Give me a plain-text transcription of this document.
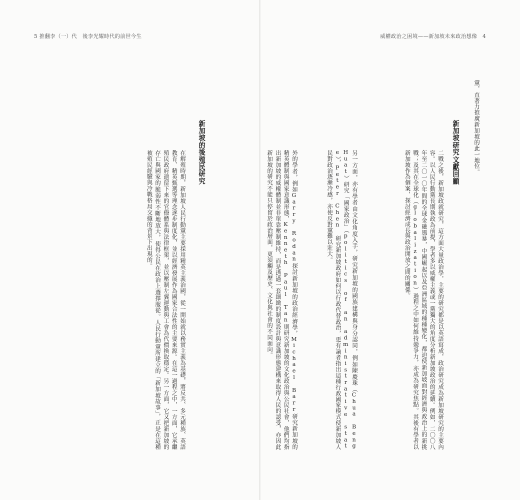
5 推翻李（一）代　後李光耀時代的前世今生
新加坡的後殖民研究
在解殖時期，新加坡人民行動黨主要採用精英主義治國，從一開始就以務實主義為基礎，將反共、多元種族、英語教育、精英甄選等理念逐步制度化，並以經濟發展作為國家合法性的主要來源。在這一過程之中，一方面，它承繼殖民政府遺留下來的官僚體系與法律框架，並以壓制左翼運動與工會為代價換取穩定。另一方面，它又把新加坡的存亡與國家的脆弱性不斷地放大，使得公民在政治上選擇服從。人民行動黨所建立的「新加坡故事」，正是在這種被殖民經驗與冷戰格局交織的背景下出現的。
威權政治之困境——新加坡未來政治想像　4
黨，直著力推廣新加坡的此一地位。
新加坡研究文獻回顧
二戰之後，新加坡政就研究，這方面大量政治學，主要的研究都是以英語寫成，政治研究成為新加坡研究的主要內容。以人民行動黨長期執政為前提，學者多以威權主義或一黨獨大的角度分析新加坡政治的延續。例如，二〇〇八年至二〇一〇年間的全球金融風暴，中國崛起以及亞洲區域的種種變化，都迫使新加坡面對經濟與政治上的新挑戰；及其在全球化（globalization）過程之中如何維持競爭力，亦成為研究焦點。其後有學者以新加坡作為個案，探討經濟成長與政治開放之間的關係。
另一方面，亦有學者由文化角度入手，研究新加坡的國族建構與身分認同，例如陳慶珠（Chua Beng Huat）研究「國家政治」（politics of an administrative state），Peter Chen 研究新加坡政府如何以行政代替政治，更有論者指出這種行政國家模式使新加坡人民對政治逐漸冷感，亦使反對黨難以壯大。
外的學者，例如Garry Rodan探討新加坡的政治經濟學，Michael Barr研究新加坡的精英體制與國家意識形態，Kenneth Paul Tan則研究新加坡的文化政治與公民社會，他們均指出新加坡的威權體制並非單靠壓制維持，而是透過一套細緻的制度設計與意識形態建構來取得人民的認受，亦因此新加坡的研究不能只停留於政治層面，更須觸及歷史、文化與社會的不同面向。
